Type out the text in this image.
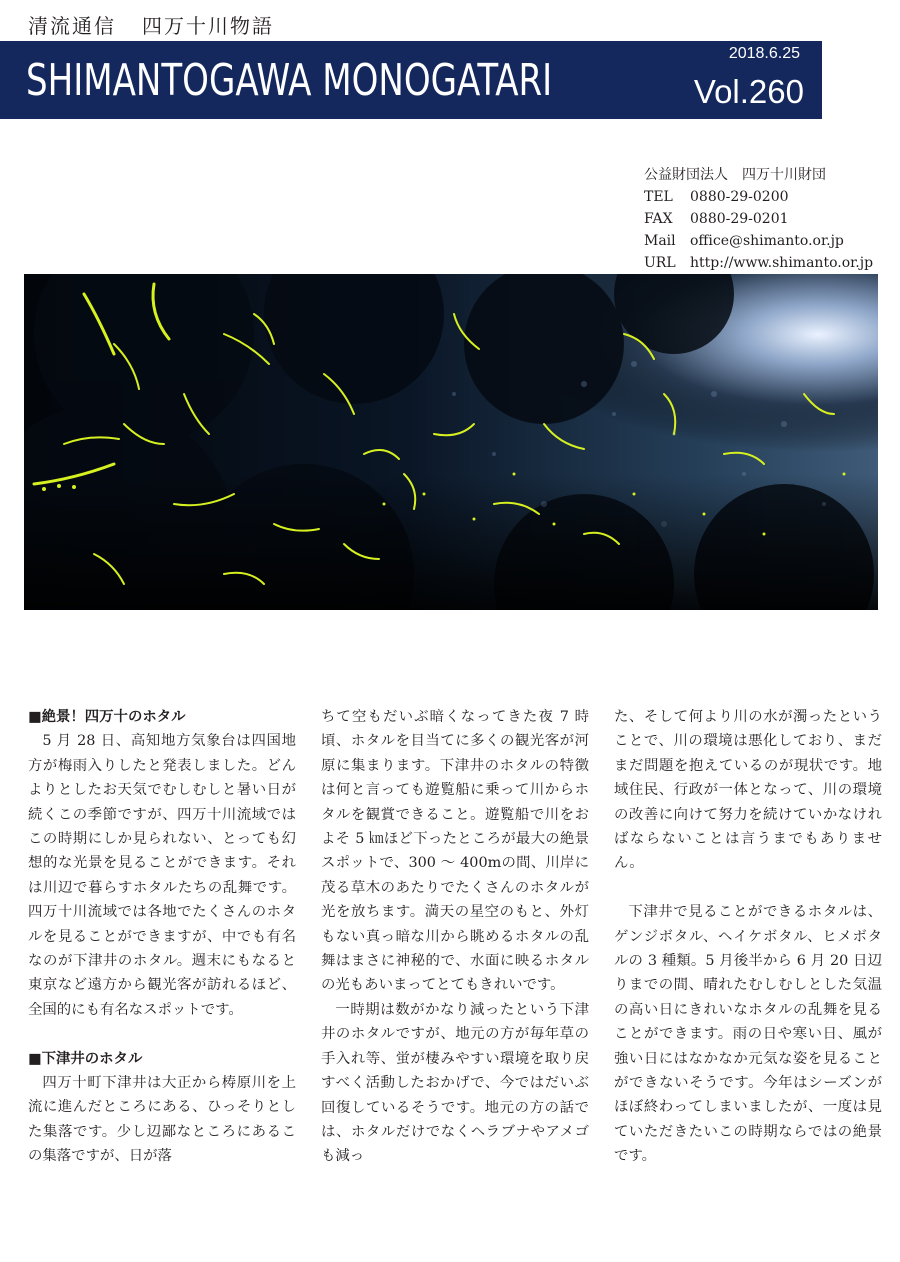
清流通信 四万十川物語
SHIMANTOGAWA MONOGATARI
2018.6.25
Vol.260
公益財団法人　四万十川財団
TEL 0880-29-0200
FAX 0880-29-0201
Mail office@shimanto.or.jp
URL http://www.shimanto.or.jp
■絶景！四万十のホタル

5 月 28 日、高知地方気象台は四国地方が梅雨入りしたと発表しました。どんよりとしたお天気でむしむしと暑い日が続くこの季節ですが、四万十川流域ではこの時期にしか見られない、とっても幻想的な光景を見ることができます。それは川辺で暮らすホタルたちの乱舞です。四万十川流域では各地でたくさんのホタルを見ることができますが、中でも有名なのが下津井のホタル。週末にもなると東京など遠方から観光客が訪れるほど、全国的にも有名なスポットです。

■下津井のホタル

四万十町下津井は大正から梼原川を上流に進んだところにある、ひっそりとした集落です。少し辺鄙なところにあるこの集落ですが、日が落

ちて空もだいぶ暗くなってきた夜 7 時頃、ホタルを目当てに多くの観光客が河原に集まります。下津井のホタルの特徴は何と言っても遊覧船に乗って川からホタルを観賞できること。遊覧船で川をおよそ 5 ㎞ほど下ったところが最大の絶景スポットで、300 ～ 400mの間、川岸に茂る草木のあたりでたくさんのホタルが光を放ちます。満天の星空のもと、外灯もない真っ暗な川から眺めるホタルの乱舞はまさに神秘的で、水面に映るホタルの光もあいまってとてもきれいです。

一時期は数がかなり減ったという下津井のホタルですが、地元の方が毎年草の手入れ等、蛍が棲みやすい環境を取り戻すべく活動したおかげで、今ではだいぶ回復しているそうです。地元の方の話では、ホタルだけでなくヘラブナやアメゴも減っ

た、そして何より川の水が濁ったということで、川の環境は悪化しており、まだまだ問題を抱えているのが現状です。地域住民、行政が一体となって、川の環境の改善に向けて努力を続けていかなければならないことは言うまでもありません。

下津井で見ることができるホタルは、ゲンジボタル、ヘイケボタル、ヒメボタルの 3 種類。5 月後半から 6 月 20 日辺りまでの間、晴れたむしむしとした気温の高い日にきれいなホタルの乱舞を見ることができます。雨の日や寒い日、風が強い日にはなかなか元気な姿を見ることができないそうです。今年はシーズンがほぼ終わってしまいましたが、一度は見ていただきたいこの時期ならではの絶景です。
